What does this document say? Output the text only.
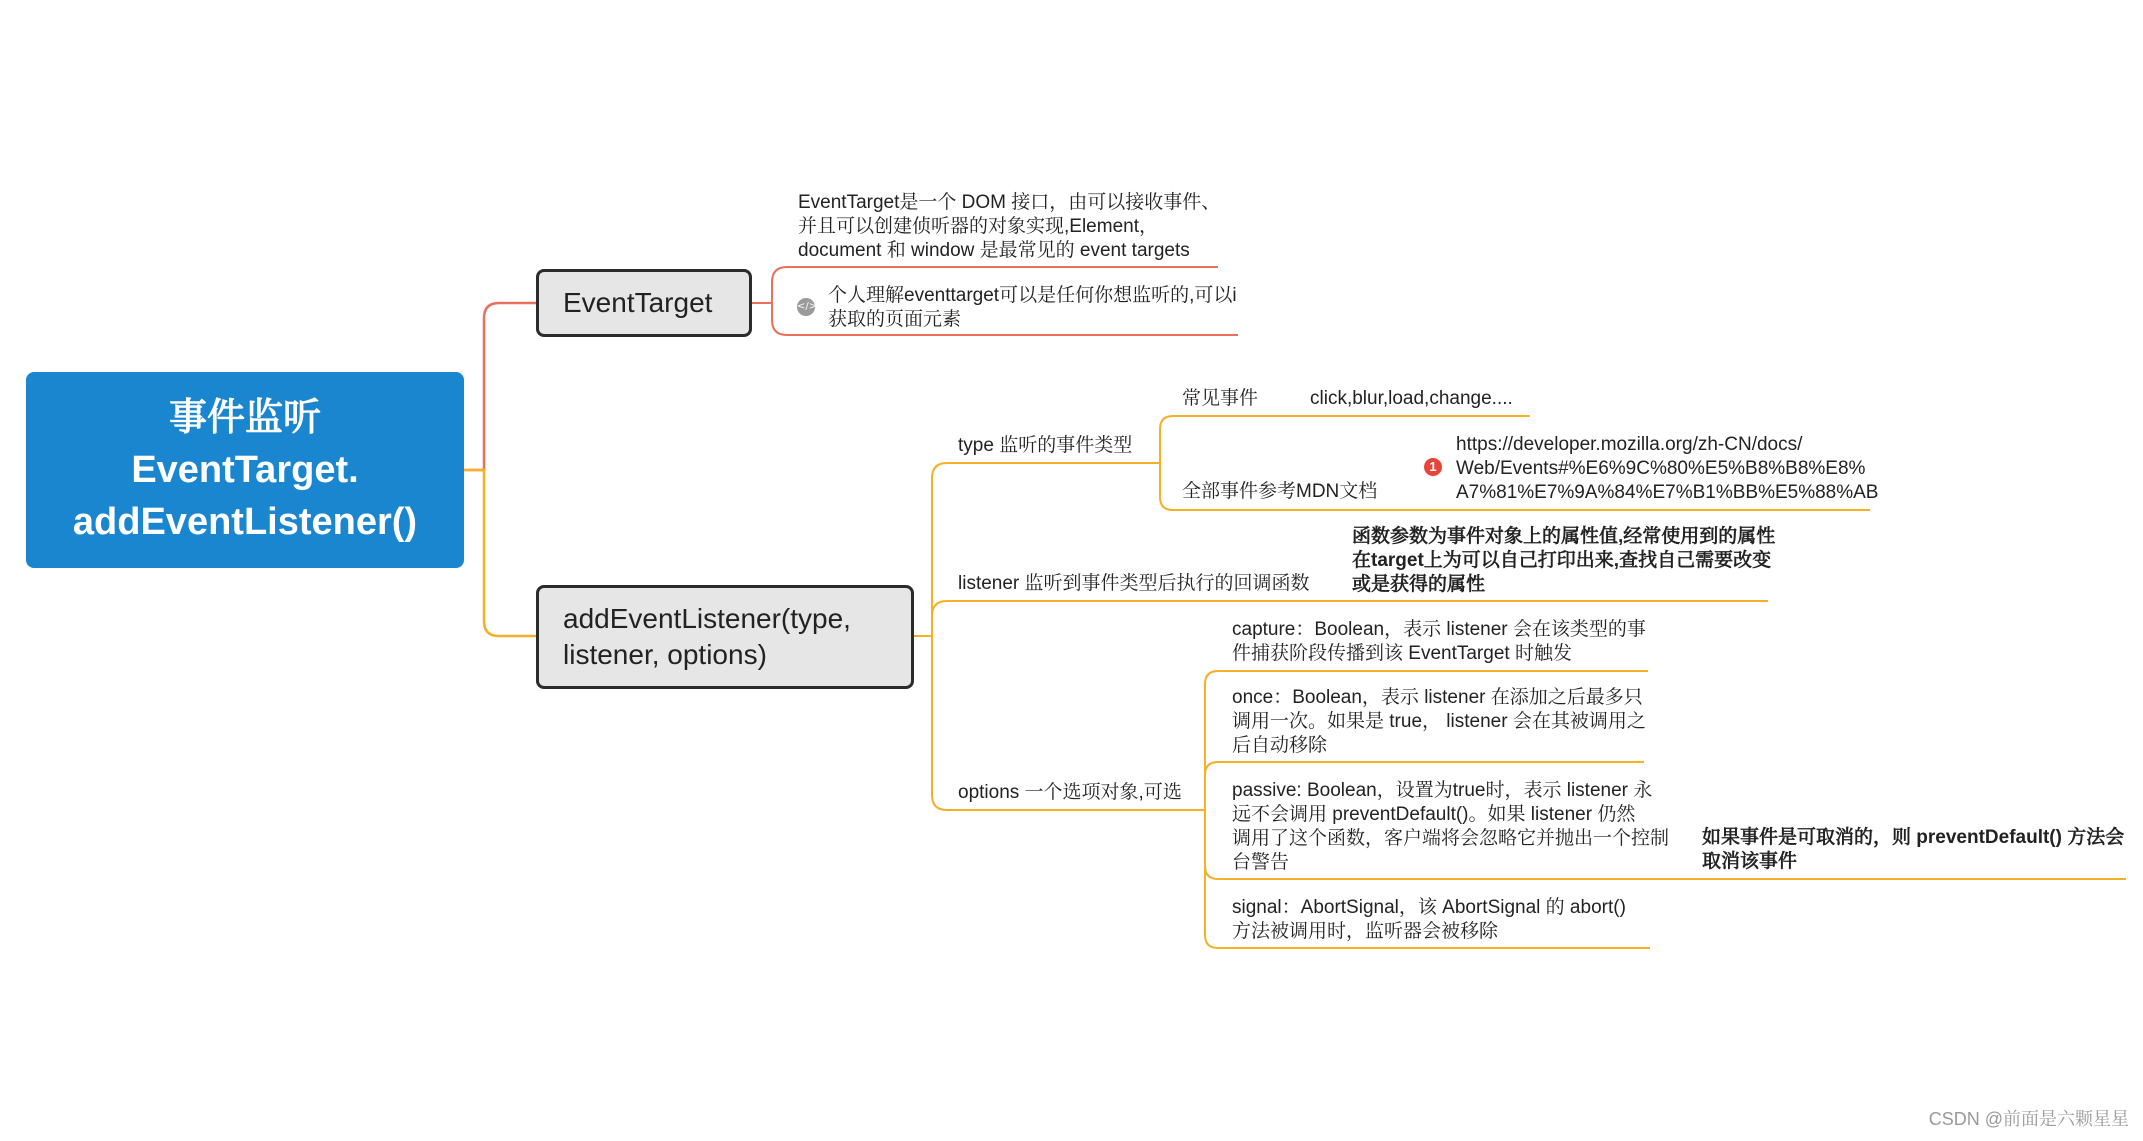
事件监听
EventTarget.
addEventListener()
EventTarget
EventTarget是一个 DOM 接口，由可以接收事件、
并且可以创建侦听器的对象实现,Element，
document 和 window 是最常见的 event targets
</>
个人理解eventtarget可以是任何你想监听的,可以i
获取的页面元素
addEventListener(type,
listener, options)
type 监听的事件类型
常见事件	click,blur,load,change....
全部事件参考MDN文档
1
https://developer.mozilla.org/zh-CN/docs/
Web/Events#%E6%9C%80%E5%B8%B8%E8%
A7%81%E7%9A%84%E7%B1%BB%E5%88%AB
listener 监听到事件类型后执行的回调函数
函数参数为事件对象上的属性值,经常使用到的属性
在target上为可以自己打印出来,查找自己需要改变
或是获得的属性
options 一个选项对象,可选
capture：Boolean，表示 listener 会在该类型的事
件捕获阶段传播到该 EventTarget 时触发
once：Boolean，表示 listener 在添加之后最多只
调用一次。如果是 true， listener 会在其被调用之
后自动移除
passive: Boolean，设置为true时，表示 listener 永
远不会调用 preventDefault()。如果 listener 仍然
调用了这个函数，客户端将会忽略它并抛出一个控制
台警告
如果事件是可取消的，则 preventDefault() 方法会
取消该事件
signal：AbortSignal，该 AbortSignal 的 abort()
方法被调用时，监听器会被移除
CSDN @前面是六颗星星
